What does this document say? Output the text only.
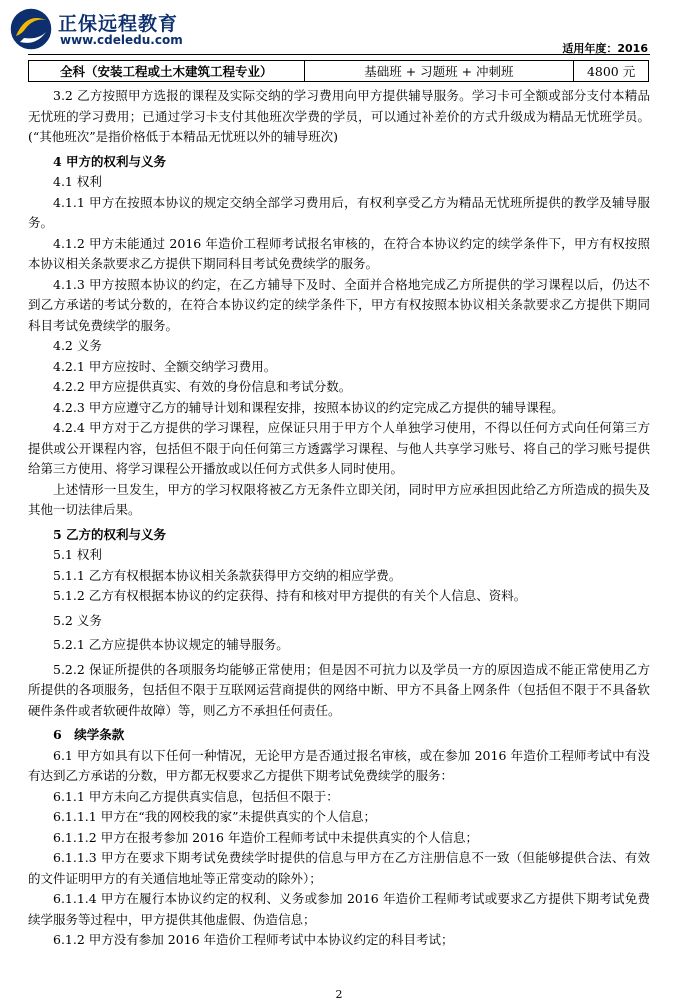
正保远程教育
www.cdeledu.com
适用年度：2016
全科（安装工程或土木建筑工程专业）	基础班 + 习题班 + 冲刺班	4800 元

3.2 乙方按照甲方选报的课程及实际交纳的学习费用向甲方提供辅导服务。学习卡可全额或部分支付本精品无忧班的学习费用；已通过学习卡支付其他班次学费的学员，可以通过补差价的方式升级成为精品无忧班学员。(“其他班次”是指价格低于本精品无忧班以外的辅导班次)

4 甲方的权利与义务

4.1 权利

4.1.1 甲方在按照本协议的规定交纳全部学习费用后，有权利享受乙方为精品无忧班所提供的教学及辅导服务。

4.1.2 甲方未能通过 2016 年造价工程师考试报名审核的，在符合本协议约定的续学条件下，甲方有权按照本协议相关条款要求乙方提供下期同科目考试免费续学的服务。

4.1.3 甲方按照本协议的约定，在乙方辅导下及时、全面并合格地完成乙方所提供的学习课程以后，仍达不到乙方承诺的考试分数的，在符合本协议约定的续学条件下，甲方有权按照本协议相关条款要求乙方提供下期同科目考试免费续学的服务。

4.2 义务

4.2.1 甲方应按时、全额交纳学习费用。

4.2.2 甲方应提供真实、有效的身份信息和考试分数。

4.2.3 甲方应遵守乙方的辅导计划和课程安排，按照本协议的约定完成乙方提供的辅导课程。

4.2.4 甲方对于乙方提供的学习课程，应保证只用于甲方个人单独学习使用，不得以任何方式向任何第三方提供或公开课程内容，包括但不限于向任何第三方透露学习课程、与他人共享学习账号、将自己的学习账号提供给第三方使用、将学习课程公开播放或以任何方式供多人同时使用。

上述情形一旦发生，甲方的学习权限将被乙方无条件立即关闭，同时甲方应承担因此给乙方所造成的损失及其他一切法律后果。

5 乙方的权利与义务

5.1 权利

5.1.1 乙方有权根据本协议相关条款获得甲方交纳的相应学费。

5.1.2 乙方有权根据本协议的约定获得、持有和核对甲方提供的有关个人信息、资料。

5.2 义务

5.2.1 乙方应提供本协议规定的辅导服务。

5.2.2 保证所提供的各项服务均能够正常使用；但是因不可抗力以及学员一方的原因造成不能正常使用乙方所提供的各项服务，包括但不限于互联网运营商提供的网络中断、甲方不具备上网条件（包括但不限于不具备软硬件条件或者软硬件故障）等，则乙方不承担任何责任。

6　续学条款

6.1 甲方如具有以下任何一种情况，无论甲方是否通过报名审核，或在参加 2016 年造价工程师考试中有没有达到乙方承诺的分数，甲方都无权要求乙方提供下期考试免费续学的服务：

6.1.1 甲方未向乙方提供真实信息，包括但不限于：

6.1.1.1 甲方在“我的网校我的家”未提供真实的个人信息；

6.1.1.2 甲方在报考参加 2016 年造价工程师考试中未提供真实的个人信息；

6.1.1.3 甲方在要求下期考试免费续学时提供的信息与甲方在乙方注册信息不一致（但能够提供合法、有效的文件证明甲方的有关通信地址等正常变动的除外）；

6.1.1.4 甲方在履行本协议约定的权利、义务或参加 2016 年造价工程师考试或要求乙方提供下期考试免费续学服务等过程中，甲方提供其他虚假、伪造信息；

6.1.2 甲方没有参加 2016 年造价工程师考试中本协议约定的科目考试；

2
